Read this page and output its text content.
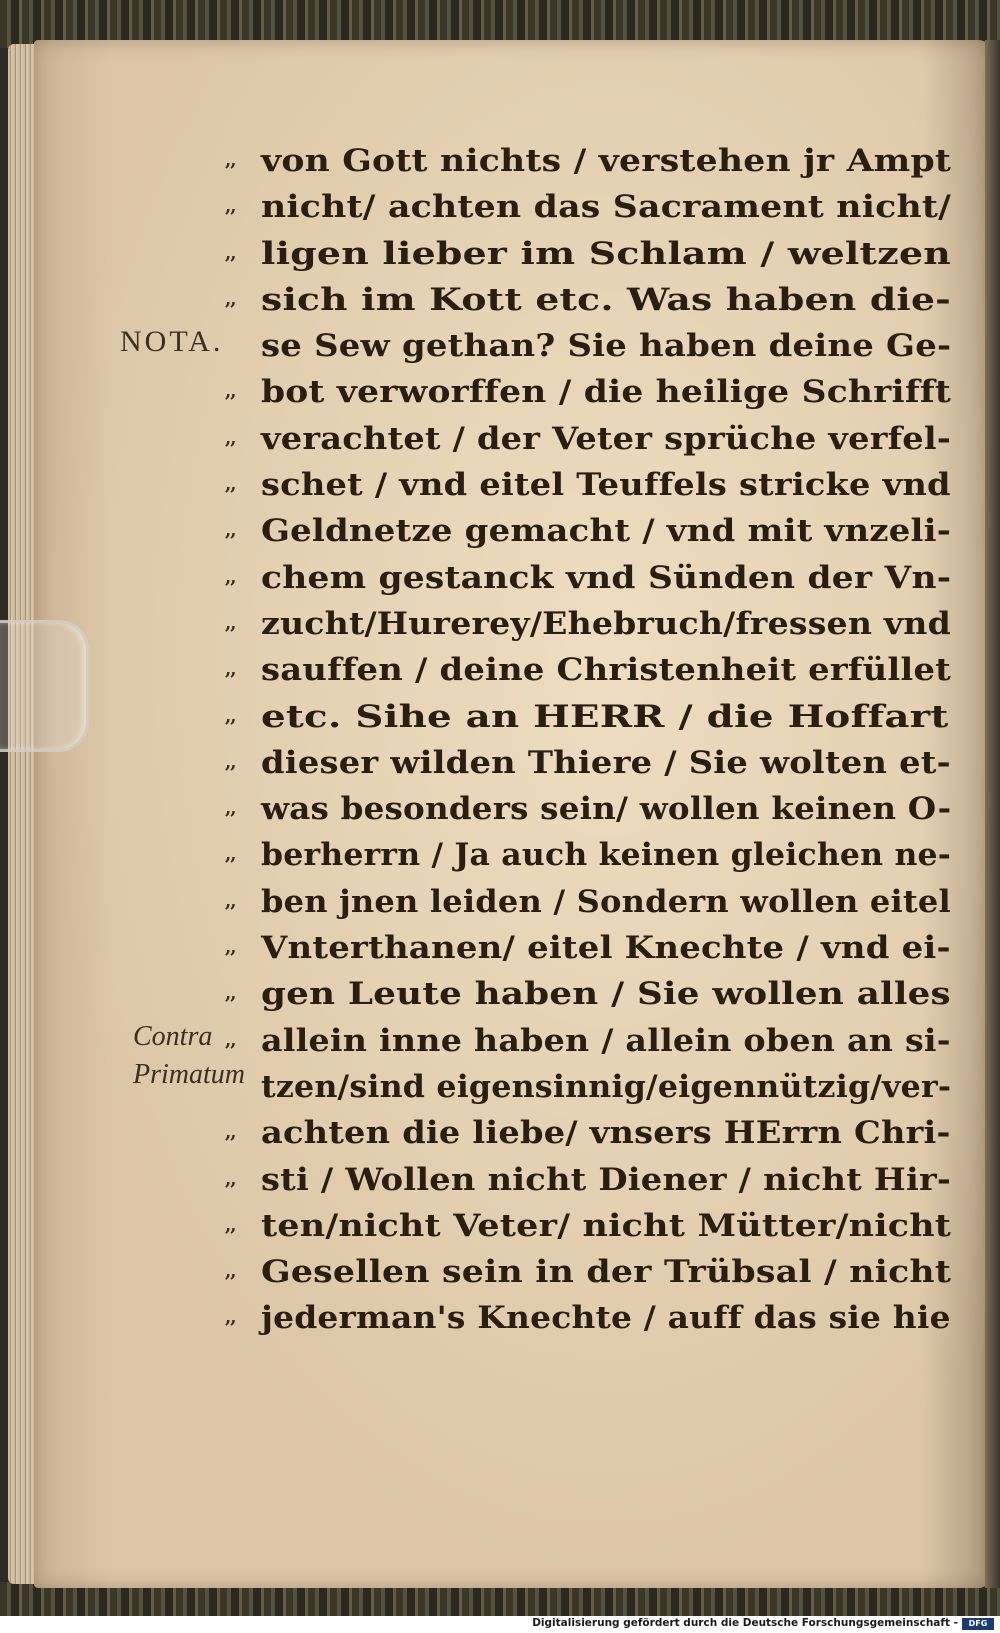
NOTA.
Contra
Primatum
,, von Gott nichts / verstehen jr Ampt
,, nicht/ achten das Sacrament nicht/
,, ligen lieber im Schlam / weltzen
,, sich im Kott etc. Was haben die-
se Sew gethan? Sie haben deine Ge-
,, bot verworffen / die heilige Schrifft
,, verachtet / der Veter sprüche verfel-
,, schet / vnd eitel Teuffels stricke vnd
,, Geldnetze gemacht / vnd mit vnzeli-
,, chem gestanck vnd Sünden der Vn-
,, zucht/Hurerey/Ehebruch/fressen vnd
,, sauffen / deine Christenheit erfüllet
,, etc. Sihe an HERR / die Hoffart
,, dieser wilden Thiere / Sie wolten et-
,, was besonders sein/ wollen keinen O-
,, berherrn / Ja auch keinen gleichen ne-
,, ben jnen leiden / Sondern wollen eitel
,, Vnterthanen/ eitel Knechte / vnd ei-
,, gen Leute haben / Sie wollen alles
,, allein inne haben / allein oben an si-
tzen/sind eigensinnig/eigennützig/ver-
,, achten die liebe/ vnsers HErrn Chri-
,, sti / Wollen nicht Diener / nicht Hir-
,, ten/nicht Veter/ nicht Mütter/nicht
,, Gesellen sein in der Trübsal / nicht
,, jederman's Knechte / auff das sie hie
Digitalisierung gefördert durch die Deutsche Forschungsgemeinschaft -	DFG
